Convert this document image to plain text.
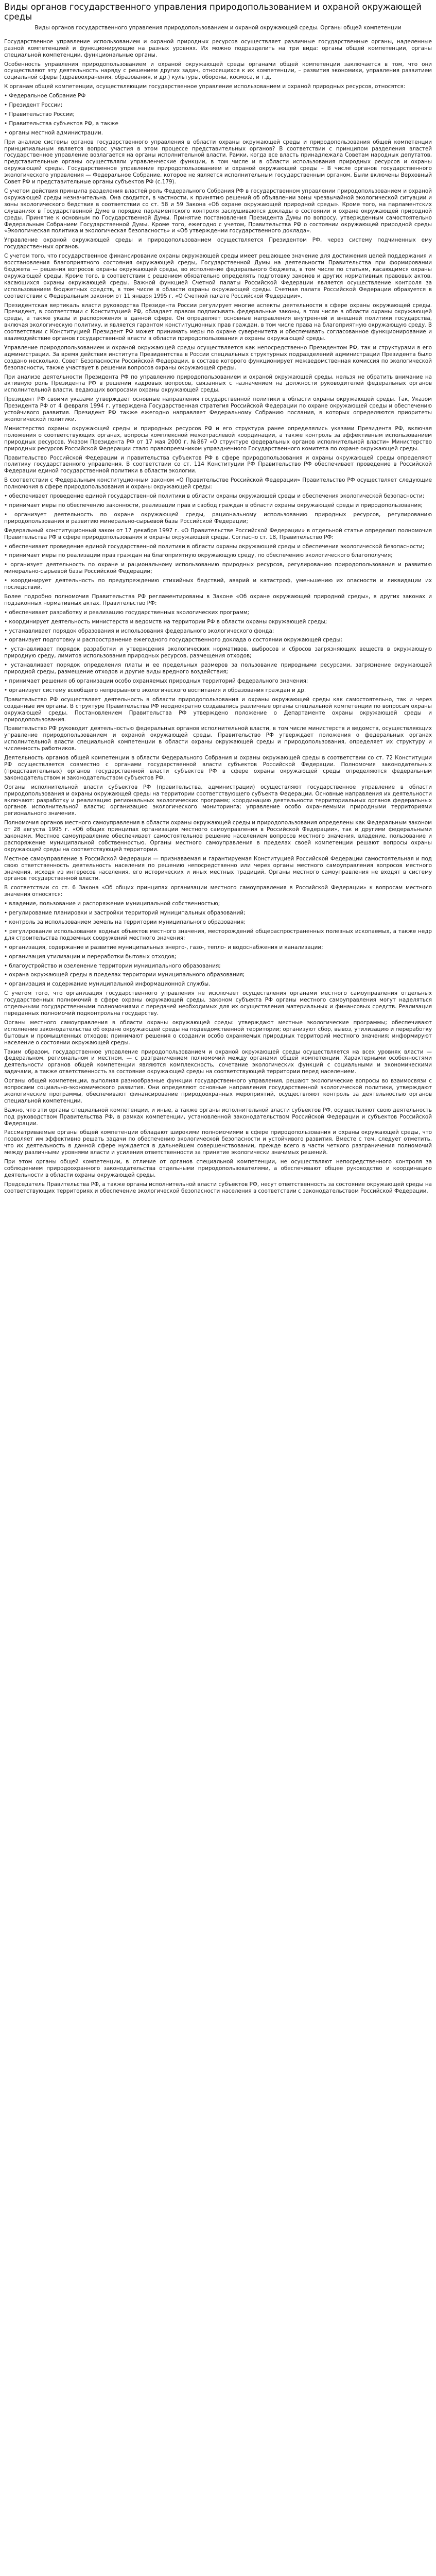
Виды органов государственного управления природопользованием и охраной окружающей среды
Виды органов государственного управления природопользованием и охраной окружающей среды. Органы общей компетенции

Государственное управление использованием и охраной природных ресурсов осуществляет различные государственные органы, наделенные разной компетенцией и функционирующие на разных уровнях. Их можно подразделить на три вида: органы общей компетенции, органы специальной компетенции, функциональные органы.

Особенность управления природопользованием и охраной окружающей среды органами общей компетенции заключается в том, что они осуществляют эту деятельность наряду с решением других задач, относящихся к их компетенции, – развития экономики, управления развитием социальной сферы (здравоохранения, образования, и др.) культуры, обороны, космоса, и т.д.

К органам общей компетенции, осуществляющим государственное управление использованием и охраной природных ресурсов, относятся:

• Федеральное Собрание РФ

• Президент России;

• Правительство России;

• Правительства субъектов РФ, а также

• органы местной администрации.

При анализе системы органов государственного управления в области охраны окружающей среды и природопользования общей компетенции принципиальным является вопрос участия в этом процессе представительных органов? В соответствии с принципом разделения властей государственное управление возлагается на органы исполнительной власти. Рамки, когда все власть принадлежала Советам народных депутатов, представительные органы осуществляли управленческие функции, в том числе и в области использования природных ресурсов и охраны окружающей среды. Государственное управление природопользованием и охраной окружающей среды – В числе органов государственного экологического управления — Федеральное Собрание, которое не является исполнительным государственным органом. Были включены Верховный Совет РФ и представительные органы субъектов РФ (с.179).

С учетом действия принципа разделения властей роль Федерального Собрания РФ в государственном управлении природопользованием и охраной окружающей среды незначительна. Она сводится, в частности, к принятию решений об объявлении зоны чрезвычайной экологической ситуации и зоны экологического бедствия в соответствии со ст. 58 и 59 Закона «Об охране окружающей природной среды». Кроме того, на парламентских слушаниях в Государственной Думе в порядке парламентского контроля заслушиваются доклады о состоянии и охране окружающей природной среды. Принятие к основным по Государственной Думы. Принятие постановления Президента Думы по вопросу, утвержденным самостоятельно Федеральным Собранием Государственной Думы. Кроме того, ежегодно с учетом, Правительства РФ о состоянии окружающей природной среды «Экологическая политика и экологическая безопасность» и «Об утверждении государственного доклада».

Управление охраной окружающей среды и природопользованием осуществляется Президентом РФ, через систему подчиненных ему государственных органов.

С учетом того, что государственное финансирование охраны окружающей среды имеет решающее значение для достижения целей поддержания и восстановления благоприятного состояния окружающей среды, Государственной Думы на деятельности Правительства при формировании бюджета — решения вопросов охраны окружающей среды, во исполнение федерального бюджета, в том числе по статьям, касающимся охраны окружающей среды. Кроме того, в соответствии с решением обязательно определять подготовку законов и других нормативных правовых актов, касающихся охраны окружающей среды. Важной функцией Счетной палаты Российской Федерации является осуществление контроля за использованием бюджетных средств, в том числе в области охраны окружающей среды. Счетная палата Российской Федерации образуется в соответствии с Федеральным законом от 11 января 1995 г. «О Счетной палате Российской Федерации».

Президентская вертикаль власти руководства Президента России регулирует многие аспекты деятельности в сфере охраны окружающей среды. Президент, в соответствии с Конституцией РФ, обладает правом подписывать федеральные законы, в том числе в области охраны окружающей среды, а также указы и распоряжения в данной сфере. Он определяет основные направления внутренней и внешней политики государства, включая экологическую политику, и является гарантом конституционных прав граждан, в том числе права на благоприятную окружающую среду. В соответствии с Конституцией Президент РФ может принимать меры по охране суверенитета и обеспечивать согласованное функционирование и взаимодействие органов государственной власти в области природопользования и охраны окружающей среды.

Управление природопользованием и охраной окружающей среды осуществляется как непосредственно Президентом РФ, так и структурами в его администрации. За время действия института Президентства в России специальных структурных подразделений администрации Президента было создано несколько. Совет Безопасности Российской Федерации, в составе которого функционирует межведомственная комиссия по экологической безопасности, также участвует в решении вопросов охраны окружающей среды.

При анализе деятельности Президента РФ по управлению природопользованием и охраной окружающей среды, нельзя не обратить внимание на активную роль Президента РФ в решении кадровых вопросов, связанных с назначением на должности руководителей федеральных органов исполнительной власти, ведающих вопросами охраны окружающей среды.

Президент РФ своими указами утверждает основные направления государственной политики в области охраны окружающей среды. Так, Указом Президента РФ от 4 февраля 1994 г. утверждена Государственная стратегия Российской Федерации по охране окружающей среды и обеспечению устойчивого развития. Президент РФ также ежегодно направляет Федеральному Собранию послания, в которых определяются приоритеты экологической политики.

Министерство охраны окружающей среды и природных ресурсов РФ и его структура ранее определялись указами Президента РФ, включая положения о соответствующих органах, вопросы комплексной межотраслевой координации, а также контроль за эффективным использованием природных ресурсов. Указом Президента РФ от 17 мая 2000 г. №867 «О структуре федеральных органов исполнительной власти» Министерство природных ресурсов Российской Федерации стало правопреемником упраздненного Государственного комитета по охране окружающей среды.

Правительство Российской Федерации и правительства субъектов РФ в сфере природопользования и охраны окружающей среды определяют политику государственного управления. В соответствии со ст. 114 Конституции РФ Правительство РФ обеспечивает проведение в Российской Федерации единой государственной политики в области экологии.

В соответствии с Федеральным конституционным законом «О Правительстве Российской Федерации» Правительство РФ осуществляет следующие полномочия в сфере природопользования и охраны окружающей среды:

• обеспечивает проведение единой государственной политики в области охраны окружающей среды и обеспечения экологической безопасности;

• принимает меры по обеспечению законности, реализации прав и свобод граждан в области охраны окружающей среды и природопользования;

• организует деятельность по охране окружающей среды, рациональному использованию природных ресурсов, регулированию природопользования и развитию минерально-сырьевой базы Российской Федерации;

Федеральный конституционный закон от 17 декабря 1997 г. «О Правительстве Российской Федерации» в отдельной статье определил полномочия Правительства РФ в сфере природопользования и охраны окружающей среды. Согласно ст. 18, Правительство РФ:

• обеспечивает проведение единой государственной политики в области охраны окружающей среды и обеспечения экологической безопасности;

• принимает меры по реализации прав граждан на благоприятную окружающую среду, по обеспечению экологического благополучия;

• организует деятельность по охране и рациональному использованию природных ресурсов, регулированию природопользования и развитию минерально-сырьевой базы Российской Федерации;

• координирует деятельность по предупреждению стихийных бедствий, аварий и катастроф, уменьшению их опасности и ликвидации их последствий.

Более подробно полномочия Правительства РФ регламентированы в Законе «Об охране окружающей природной среды», в других законах и подзаконных нормативных актах. Правительство РФ:

• обеспечивает разработку и реализацию государственных экологических программ;

• координирует деятельность министерств и ведомств на территории РФ в области охраны окружающей среды;

• устанавливает порядок образования и использования федерального экологического фонда;

• организует подготовку и распространение ежегодного государственного доклада о состоянии окружающей среды;

• устанавливает порядок разработки и утверждения экологических нормативов, выбросов и сбросов загрязняющих веществ в окружающую природную среду, лимитов использования природных ресурсов, размещения отходов;

• устанавливает порядок определения платы и ее предельных размеров за пользование природными ресурсами, загрязнение окружающей природной среды, размещение отходов и другие виды вредного воздействия;

• принимает решения об организации особо охраняемых природных территорий федерального значения;

• организует систему всеобщего непрерывного экологического воспитания и образования граждан и др.

Правительство РФ осуществляет деятельность в области природопользования и охраны окружающей среды как самостоятельно, так и через созданные им органы. В структуре Правительства РФ неоднократно создавались различные органы специальной компетенции по вопросам охраны окружающей среды. Постановлением Правительства РФ утверждено положение о Департаменте охраны окружающей среды и природопользования.

Правительство РФ руководит деятельностью федеральных органов исполнительной власти, в том числе министерств и ведомств, осуществляющих управление природопользованием и охраной окружающей среды. Правительство РФ утверждает положения о федеральных органах исполнительной власти специальной компетенции в области охраны окружающей среды и природопользования, определяет их структуру и численность работников.

Деятельность органов общей компетенции в области Федерального Собрания и охраны окружающей среды в соответствии со ст. 72 Конституции РФ осуществляется совместно с органами государственной власти субъектов Российской Федерации. Полномочия законодательных (представительных) органов государственной власти субъектов РФ в сфере охраны окружающей среды определяются федеральным законодательством и законодательством субъектов РФ.

Органы исполнительной власти субъектов РФ (правительства, администрации) осуществляют государственное управление в области природопользования и охраны окружающей среды на территории соответствующего субъекта Федерации. Основные направления их деятельности включают: разработку и реализацию региональных экологических программ; координацию деятельности территориальных органов федеральных органов исполнительной власти; организацию экологического мониторинга; управление особо охраняемыми природными территориями регионального значения.

Полномочия органов местного самоуправления в области охраны окружающей среды и природопользования определены как Федеральным законом от 28 августа 1995 г. «Об общих принципах организации местного самоуправления в Российской Федерации», так и другими федеральными законами. Местное самоуправление обеспечивает самостоятельное решение населением вопросов местного значения, владение, пользование и распоряжение муниципальной собственностью. Органы местного самоуправления в пределах своей компетенции решают вопросы охраны окружающей среды на соответствующей территории.

Местное самоуправление в Российской Федерации — признаваемая и гарантируемая Конституцией Российской Федерации самостоятельная и под свою ответственность деятельность населения по решению непосредственно или через органы местного самоуправления вопросов местного значения, исходя из интересов населения, его исторических и иных местных традиций. Органы местного самоуправления не входят в систему органов государственной власти.

В соответствии со ст. 6 Закона «Об общих принципах организации местного самоуправления в Российской Федерации» к вопросам местного значения относятся:

• владение, пользование и распоряжение муниципальной собственностью;

• регулирование планировки и застройки территорий муниципальных образований;

• контроль за использованием земель на территории муниципального образования;

• регулирование использования водных объектов местного значения, месторождений общераспространенных полезных ископаемых, а также недр для строительства подземных сооружений местного значения;

• организация, содержание и развитие муниципальных энерго-, газо-, тепло- и водоснабжения и канализации;

• организация утилизации и переработки бытовых отходов;

• благоустройство и озеленение территории муниципального образования;

• охрана окружающей среды в пределах территории муниципального образования;

• организация и содержание муниципальной информационной службы.

С учетом того, что организация государственного управления не исключает осуществления органами местного самоуправления отдельных государственных полномочий в сфере охраны окружающей среды, законом субъекта РФ органы местного самоуправления могут наделяться отдельными государственными полномочиями с передачей необходимых для их осуществления материальных и финансовых средств. Реализация переданных полномочий подконтрольна государству.

Органы местного самоуправления в области охраны окружающей среды: утверждают местные экологические программы; обеспечивают исполнение законодательства об охране окружающей среды на подведомственной территории; организуют сбор, вывоз, утилизацию и переработку бытовых и промышленных отходов; принимают решения о создании особо охраняемых природных территорий местного значения; информируют население о состоянии окружающей среды.

Таким образом, государственное управление природопользованием и охраной окружающей среды осуществляется на всех уровнях власти — федеральном, региональном и местном, — с разграничением полномочий между органами общей компетенции. Характерными особенностями деятельности органов общей компетенции являются комплексность, сочетание экологических функций с социальными и экономическими задачами, а также ответственность за состояние окружающей среды на соответствующей территории перед населением.

Органы общей компетенции, выполняя разнообразные функции государственного управления, решают экологические вопросы во взаимосвязи с вопросами социально-экономического развития. Они определяют основные направления государственной экологической политики, утверждают экологические программы, обеспечивают финансирование природоохранных мероприятий, осуществляют контроль за деятельностью органов специальной компетенции.

Важно, что эти органы специальной компетенции, и иные, а также органы исполнительной власти субъектов РФ, осуществляют свою деятельность под руководством Правительства РФ, в рамках компетенции, установленной законодательством Российской Федерации и субъектов Российской Федерации.

Рассматриваемые органы общей компетенции обладают широкими полномочиями в сфере природопользования и охраны окружающей среды, что позволяет им эффективно решать задачи по обеспечению экологической безопасности и устойчивого развития. Вместе с тем, следует отметить, что их деятельность в данной сфере нуждается в дальнейшем совершенствовании, прежде всего в части четкого разграничения полномочий между различными уровнями власти и усиления ответственности за принятие экологически значимых решений.

При этом органы общей компетенции, в отличие от органов специальной компетенции, не осуществляют непосредственного контроля за соблюдением природоохранного законодательства отдельными природопользователями, а обеспечивают общее руководство и координацию деятельности в области охраны окружающей среды.

Председатель Правительства РФ, а также органы исполнительной власти субъектов РФ, несут ответственность за состояние окружающей среды на соответствующих территориях и обеспечение экологической безопасности населения в соответствии с законодательством Российской Федерации.
